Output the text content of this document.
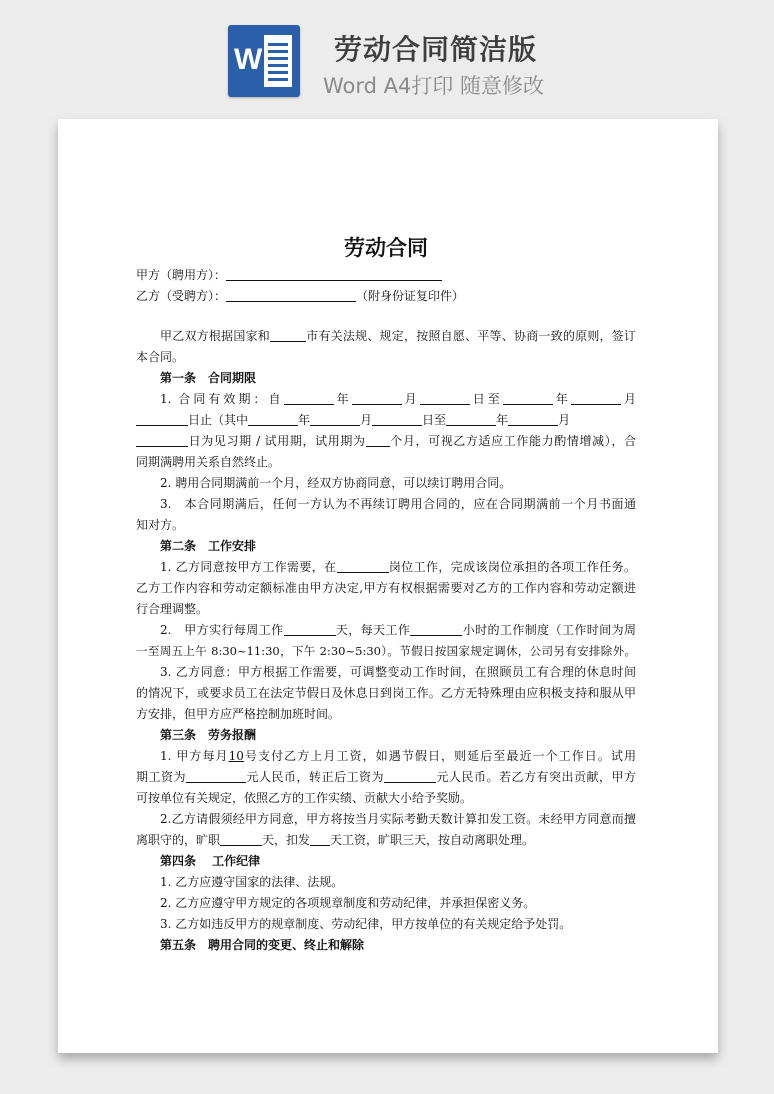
W	劳动合同简洁版
Word A4打印 随意修改
劳动合同
甲方（聘用方）：
乙方（受聘方）：	（附身份证复印件）
甲乙双方根据国家和	市有关法规、规定，按照自愿、平等、协商一致的原则，签订
本合同。
第一条　合同期限
1. 合同有效期：自	年	月	日至	年	月
日止（其中	年	月	日至	年	月
日为见习期 / 试用期，试用期为 个月，可视乙方适应工作能力酌情增减），合
同期满聘用关系自然终止。
2. 聘用合同期满前一个月，经双方协商同意，可以续订聘用合同。
3.　本合同期满后，任何一方认为不再续订聘用合同的，应在合同期满前一个月书面通
知对方。
第二条　工作安排
1. 乙方同意按甲方工作需要，在	岗位工作，完成该岗位承担的各项工作任务。
乙方工作内容和劳动定额标准由甲方决定,甲方有权根据需要对乙方的工作内容和劳动定额进
行合理调整。
2.　甲方实行每周工作	天，每天工作	小时的工作制度（工作时间为周
一至周五上午 8:30~11:30，下午 2:30~5:30）。节假日按国家规定调休，公司另有安排除外。
3. 乙方同意：甲方根据工作需要，可调整变动工作时间，在照顾员工有合理的休息时间
的情况下，或要求员工在法定节假日及休息日到岗工作。乙方无特殊理由应积极支持和服从甲
方安排，但甲方应严格控制加班时间。
第三条　劳务报酬
1. 甲方每月10号支付乙方上月工资，如遇节假日，则延后至最近一个工作日。试用
期工资为	元人民币，转正后工资为	元人民币。若乙方有突出贡献，甲方
可按单位有关规定，依照乙方的工作实绩、贡献大小给予奖励。
2.乙方请假须经甲方同意，甲方将按当月实际考勤天数计算扣发工资。未经甲方同意而擅
离职守的，旷职	天，扣发 天工资，旷职三天，按自动离职处理。
第四条　 工作纪律
1. 乙方应遵守国家的法律、法规。
2. 乙方应遵守甲方规定的各项规章制度和劳动纪律，并承担保密义务。
3. 乙方如违反甲方的规章制度、劳动纪律，甲方按单位的有关规定给予处罚。
第五条　聘用合同的变更、终止和解除
